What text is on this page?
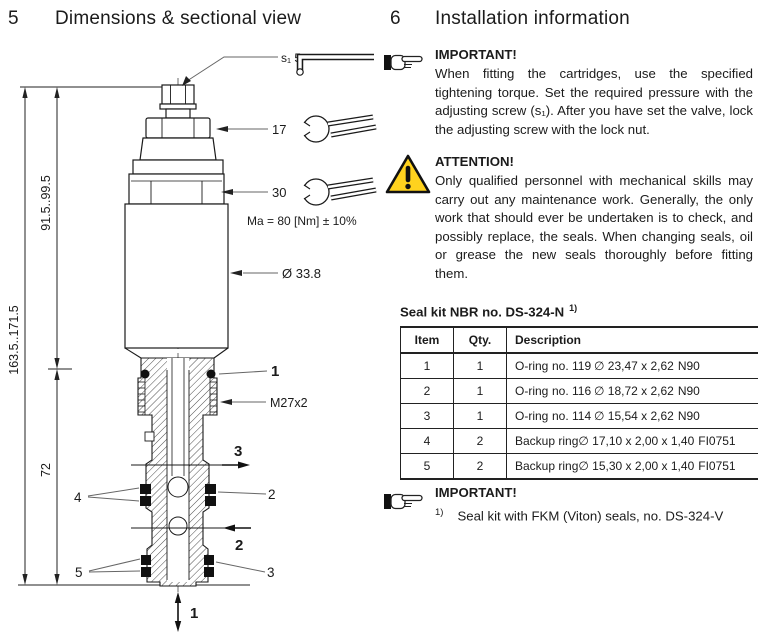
5 Dimensions & sectional view
163.5..171.5
91.5..99.5
72
s₁ 5
17
30
Ma = 80 [Nm] ± 10%
Ø 33.8
1
M27x2
4	2
5	3
3
2
1
6 Installation information
IMPORTANT!
When fitting the cartridges, use the specified tightening torque. Set the required pressure with the adjusting screw (s₁). After you have set the valve, lock the adjusting screw with the lock nut.
ATTENTION!
Only qualified personnel with mechanical skills may carry out any maintenance work. Generally, the only work that should ever be undertaken is to check, and possibly replace, the seals. When changing seals, oil or grease the new seals thoroughly before fitting them.
Seal kit NBR no. DS-324-N $^{1)}$
Item	Qty.	Description
1	1	O-ring no. 119 ∅ 23,47 x 2,62 N90
2	1	O-ring no. 116 ∅ 18,72 x 2,62 N90
3	1	O-ring no. 114 ∅ 15,54 x 2,62 N90
4	2	Backup ring∅ 17,10 x 2,00 x 1,40 FI0751
5	2	Backup ring∅ 15,30 x 2,00 x 1,40 FI0751
IMPORTANT!
$^{1)}$ Seal kit with FKM (Viton) seals, no. DS-324-V
